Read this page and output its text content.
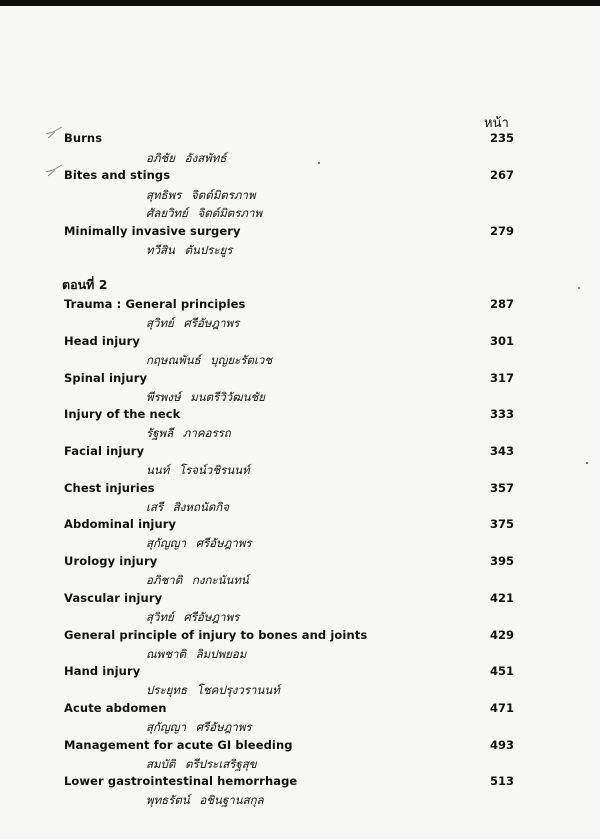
หน้า
Burns	235
อภิชัย อังสพัทธ์
Bites and stings	267
สุทธิพร จิตต์มิตรภาพ
ศัลยวิทย์ จิตต์มิตรภาพ
Minimally invasive surgery	279
ทวีสิน ตันประยูร
ตอนที่ 2
Trauma : General principles	287
สุวิทย์ ศรีอัษฎาพร
Head injury	301
กฤษณพันธ์ บุญยะรัตเวช
Spinal injury	317
พีรพงษ์ มนตรีวิวัฒนชัย
Injury of the neck	333
รัฐพลี ภาคอรรถ
Facial injury	343
นนท์ โรจน์วชิรนนท์
Chest injuries	357
เสรี สิงหถนัดกิจ
Abdominal injury	375
สุกัญญา ศรีอัษฎาพร
Urology injury	395
อภิชาติ กงกะนันทน์
Vascular injury	421
สุวิทย์ ศรีอัษฎาพร
General principle of injury to bones and joints	429
ณพชาติ ลิมปพยอม
Hand injury	451
ประยุทธ โชคปรุงวรานนท์
Acute abdomen	471
สุกัญญา ศรีอัษฎาพร
Management for acute GI bleeding	493
สมบัติ ตรีประเสริฐสุข
Lower gastrointestinal hemorrhage	513
พุทธรัตน์ อชินฐานสกุล
